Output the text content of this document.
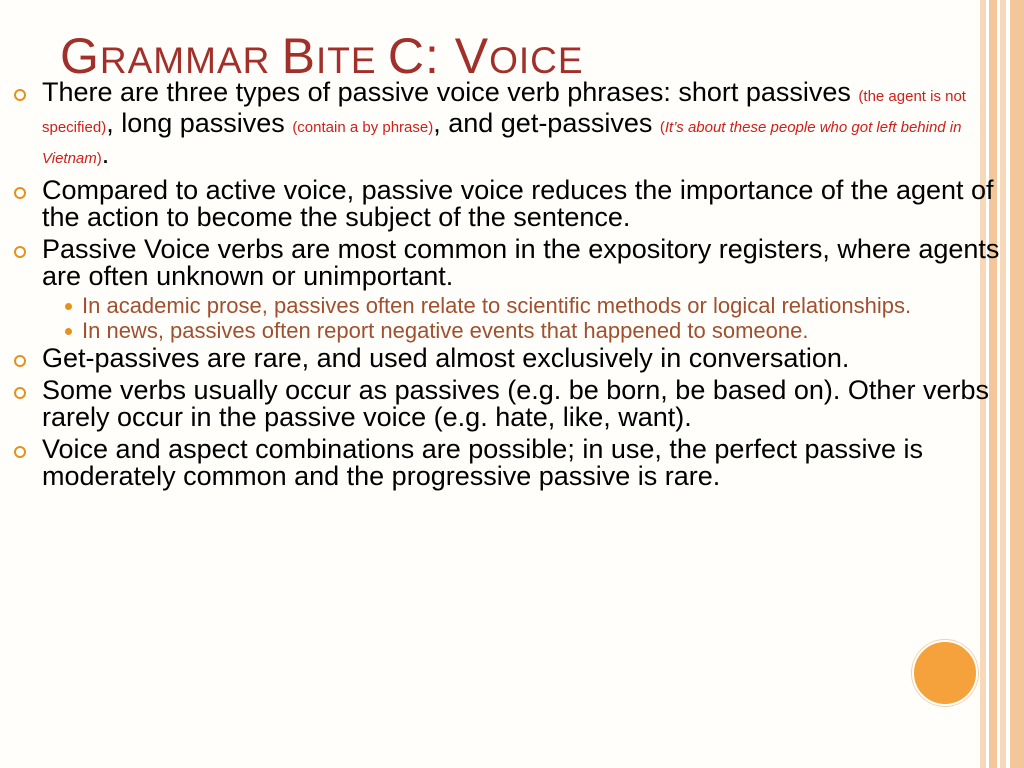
GRAMMAR BITE C: VOICE
There are three types of passive voice verb phrases: short passives (the agent is not specified), long passives (contain a by phrase), and get-passives (It’s about these people who got left behind in Vietnam).
Compared to active voice, passive voice reduces the importance of the agent of the action to become the subject of the sentence.
Passive Voice verbs are most common in the expository registers, where agents are often unknown or unimportant.
In academic prose, passives often relate to scientific methods or logical relationships.
In news, passives often report negative events that happened to someone.
Get-passives are rare, and used almost exclusively in conversation.
Some verbs usually occur as passives (e.g. be born, be based on). Other verbs rarely occur in the passive voice (e.g. hate, like, want).
Voice and aspect combinations are possible; in use, the perfect passive is moderately common and the progressive passive is rare.
